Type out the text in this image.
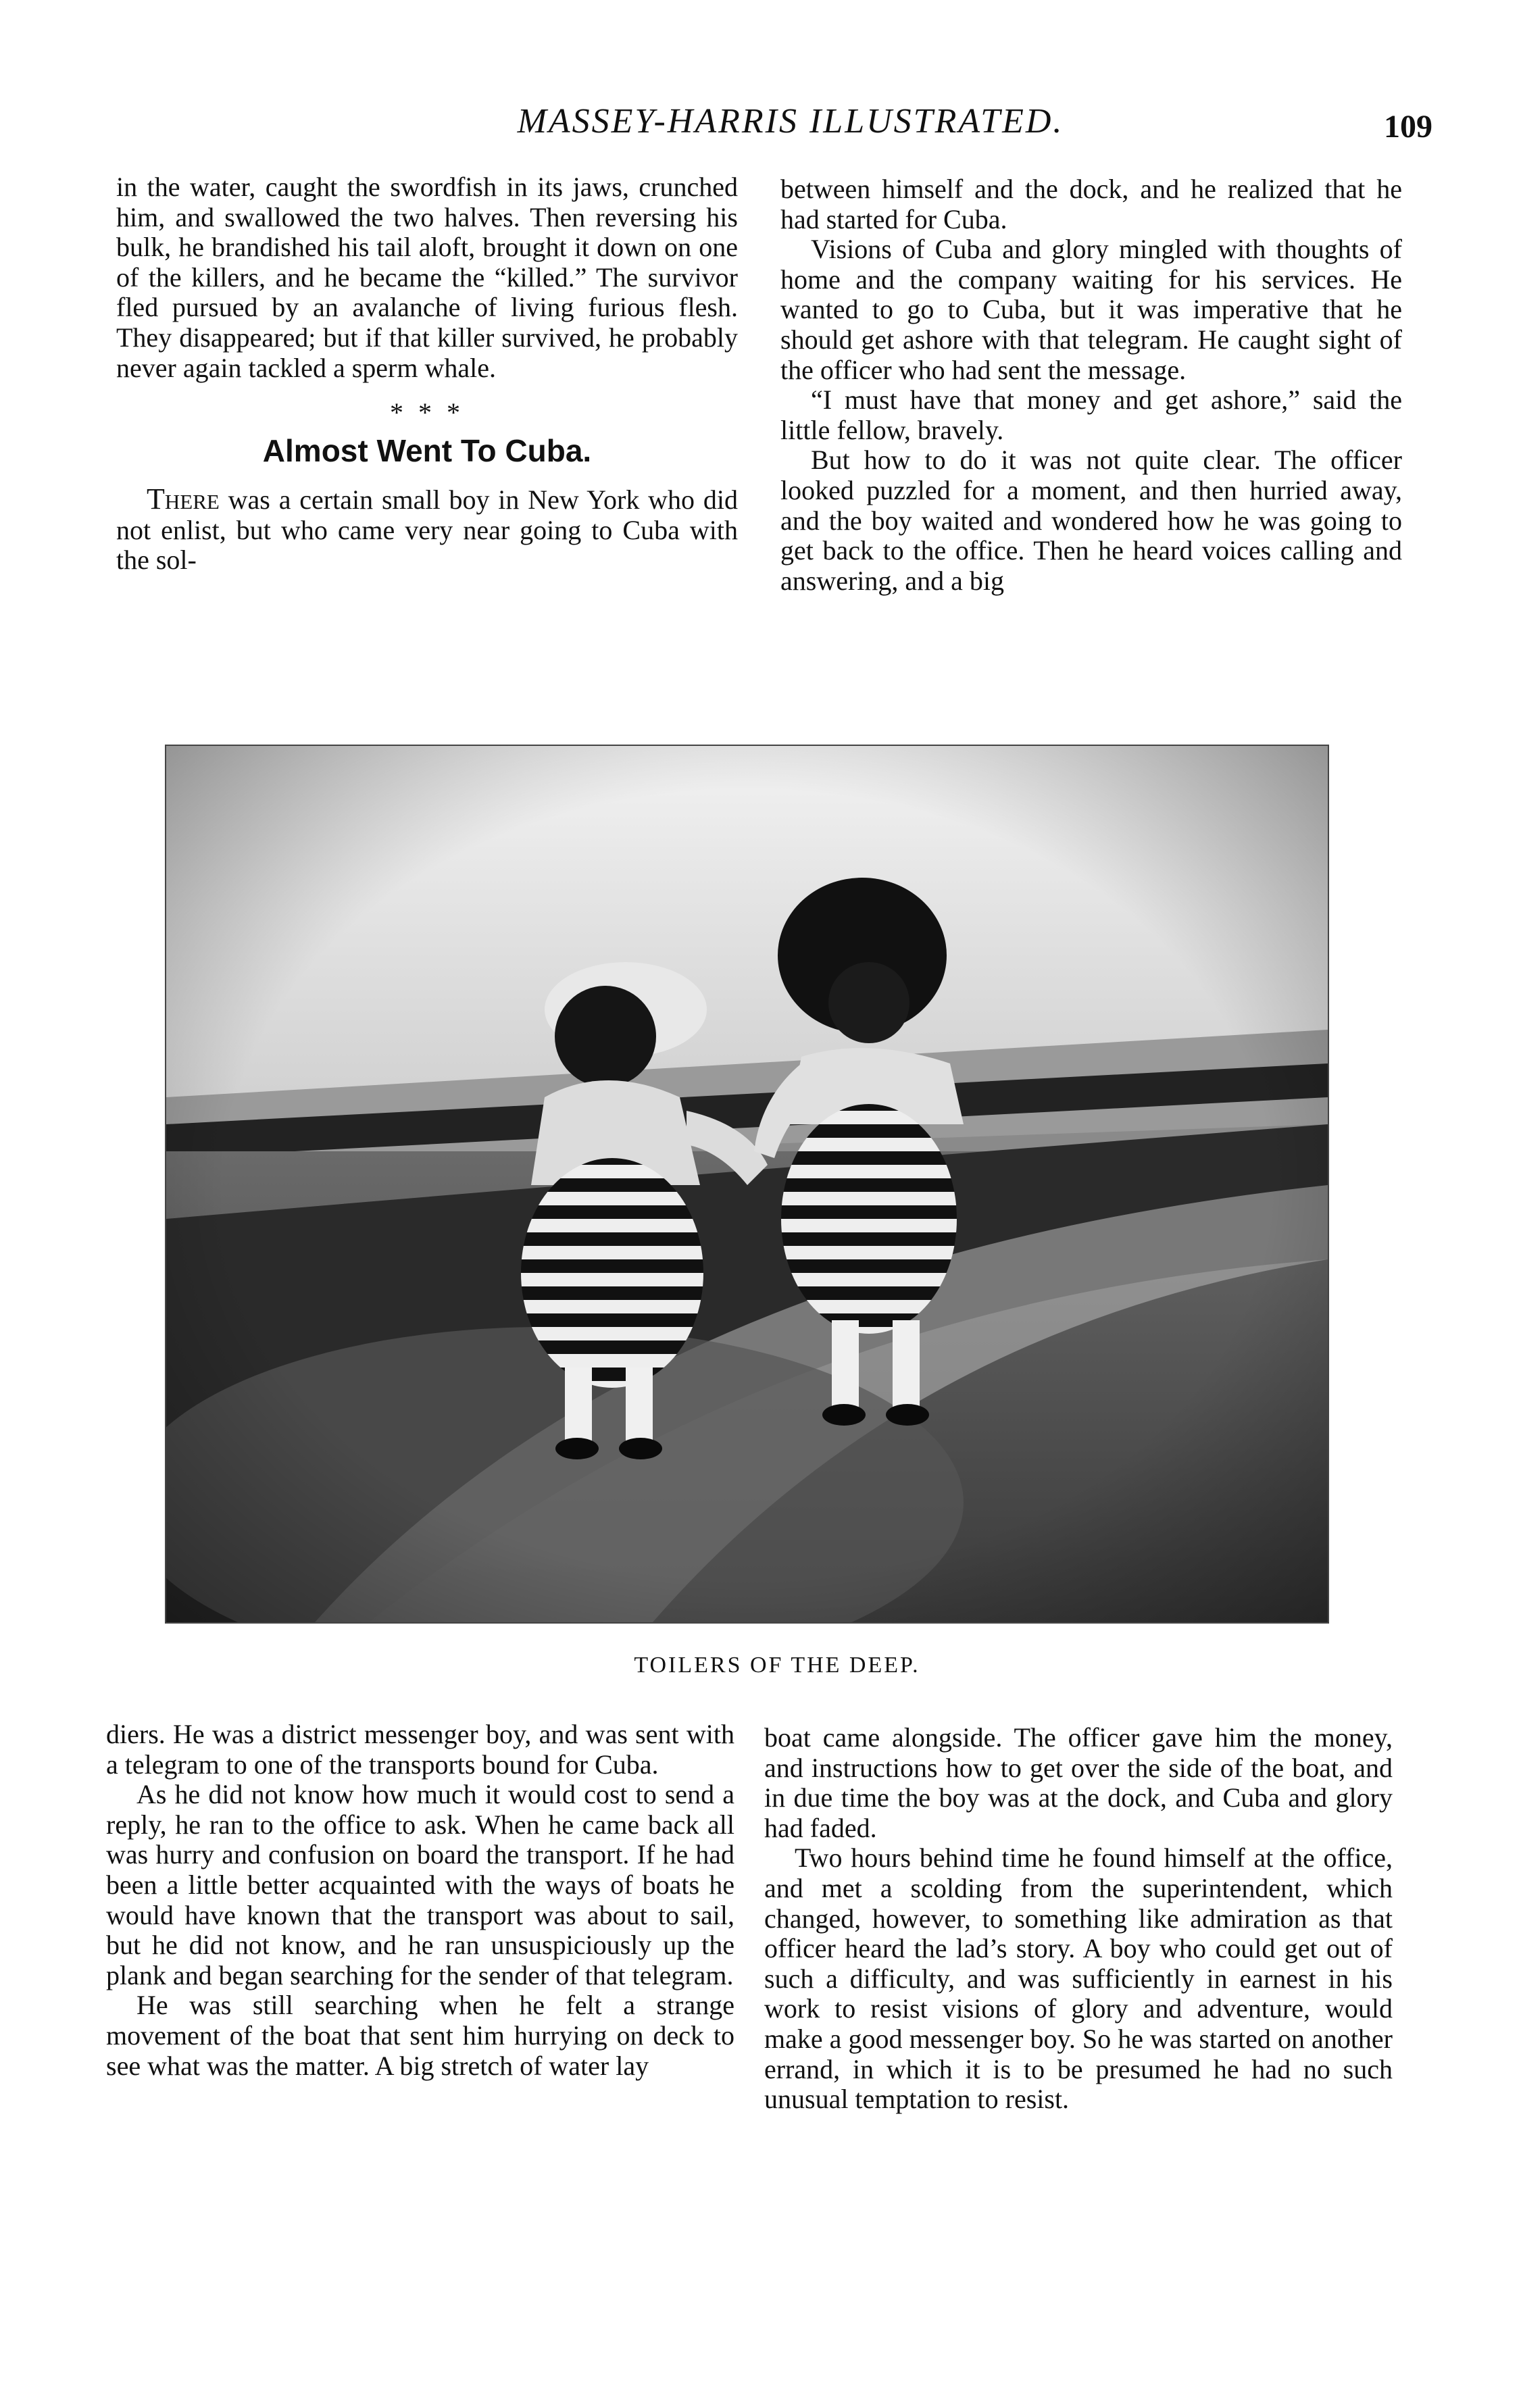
MASSEY-HARRIS ILLUSTRATED.	109

in the water, caught the swordfish in its jaws, crunched him, and swallowed the two halves. Then reversing his bulk, he brandished his tail aloft, brought it down on one of the killers, and he became the “killed.” The survivor fled pursued by an avalanche of living furious flesh. They disappeared; but if that killer survived, he probably never again tackled a sperm whale.

* * *
Almost Went To Cuba.

There was a certain small boy in New York who did not enlist, but who came very near going to Cuba with the sol-

between himself and the dock, and he realized that he had started for Cuba.

Visions of Cuba and glory mingled with thoughts of home and the company waiting for his services. He wanted to go to Cuba, but it was imperative that he should get ashore with that telegram. He caught sight of the officer who had sent the message.

“I must have that money and get ashore,” said the little fellow, bravely.

But how to do it was not quite clear. The officer looked puzzled for a moment, and then hurried away, and the boy waited and wondered how he was going to get back to the office. Then he heard voices calling and answering, and a big

TOILERS OF THE DEEP.

diers. He was a district messenger boy, and was sent with a telegram to one of the transports bound for Cuba.

As he did not know how much it would cost to send a reply, he ran to the office to ask. When he came back all was hurry and confusion on board the transport. If he had been a little better acquainted with the ways of boats he would have known that the transport was about to sail, but he did not know, and he ran unsuspiciously up the plank and began searching for the sender of that telegram.

He was still searching when he felt a strange movement of the boat that sent him hurrying on deck to see what was the matter. A big stretch of water lay

boat came alongside. The officer gave him the money, and instructions how to get over the side of the boat, and in due time the boy was at the dock, and Cuba and glory had faded.

Two hours behind time he found himself at the office, and met a scolding from the superintendent, which changed, however, to something like admiration as that officer heard the lad’s story. A boy who could get out of such a difficulty, and was sufficiently in earnest in his work to resist visions of glory and adventure, would make a good messenger boy. So he was started on another errand, in which it is to be presumed he had no such unusual temptation to resist.
